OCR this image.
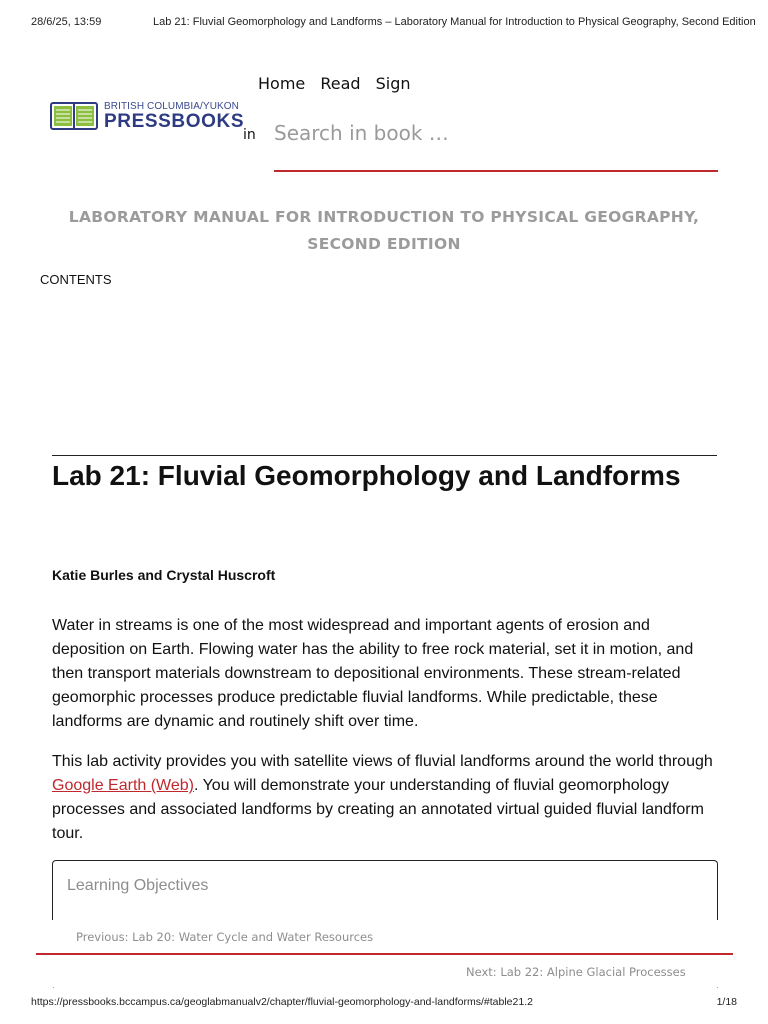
28/6/25, 13:59	Lab 21: Fluvial Geomorphology and Landforms – Laboratory Manual for Introduction to Physical Geography, Second Edition
Home Read Sign
BRITISH COLUMBIA/YUKON
PRESSBOOKS
in
Search in book …
LABORATORY MANUAL FOR INTRODUCTION TO PHYSICAL GEOGRAPHY, SECOND EDITION
CONTENTS
Lab 21: Fluvial Geomorphology and Landforms
Katie Burles and Crystal Huscroft

Water in streams is one of the most widespread and important agents of erosion and deposition on Earth. Flowing water has the ability to free rock material, set it in motion, and then transport materials downstream to depositional environments. These stream-related geomorphic processes produce predictable fluvial landforms. While predictable, these landforms are dynamic and routinely shift over time.

This lab activity provides you with satellite views of fluvial landforms around the world through Google Earth (Web). You will demonstrate your understanding of fluvial geomorphology processes and associated landforms by creating an annotated virtual guided fluvial landform tour.

Learning Objectives
Previous: Lab 20: Water Cycle and Water Resources
Next: Lab 22: Alpine Glacial Processes
·	·
https://pressbooks.bccampus.ca/geoglabmanualv2/chapter/fluvial-geomorphology-and-landforms/#table21.2	1/18
